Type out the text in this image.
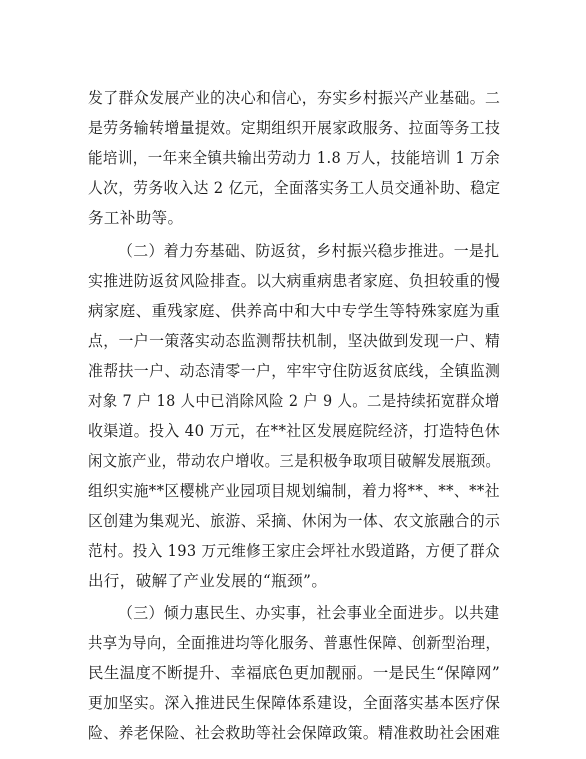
发了群众发展产业的决心和信心，夯实乡村振兴产业基础。二
是劳务输转增量提效。定期组织开展家政服务、拉面等务工技
能培训，一年来全镇共输出劳动力 1.8 万人，技能培训 1 万余
人次，劳务收入达 2 亿元，全面落实务工人员交通补助、稳定
务工补助等。
（二）着力夯基础、防返贫，乡村振兴稳步推进。一是扎
实推进防返贫风险排查。以大病重病患者家庭、负担较重的慢
病家庭、重残家庭、供养高中和大中专学生等特殊家庭为重
点，一户一策落实动态监测帮扶机制，坚决做到发现一户、精
准帮扶一户、动态清零一户，牢牢守住防返贫底线，全镇监测
对象 7 户 18 人中已消除风险 2 户 9 人。二是持续拓宽群众增
收渠道。投入 40 万元，在**社区发展庭院经济，打造特色休
闲文旅产业，带动农户增收。三是积极争取项目破解发展瓶颈。
组织实施**区樱桃产业园项目规划编制，着力将**、**、**社
区创建为集观光、旅游、采摘、休闲为一体、农文旅融合的示
范村。投入 193 万元维修王家庄会坪社水毁道路，方便了群众
出行，破解了产业发展的“瓶颈”。
（三）倾力惠民生、办实事，社会事业全面进步。以共建
共享为导向，全面推进均等化服务、普惠性保障、创新型治理，
民生温度不断提升、幸福底色更加靓丽。一是民生“保障网”
更加坚实。深入推进民生保障体系建设，全面落实基本医疗保
险、养老保险、社会救助等社会保障政策。精准救助社会困难
